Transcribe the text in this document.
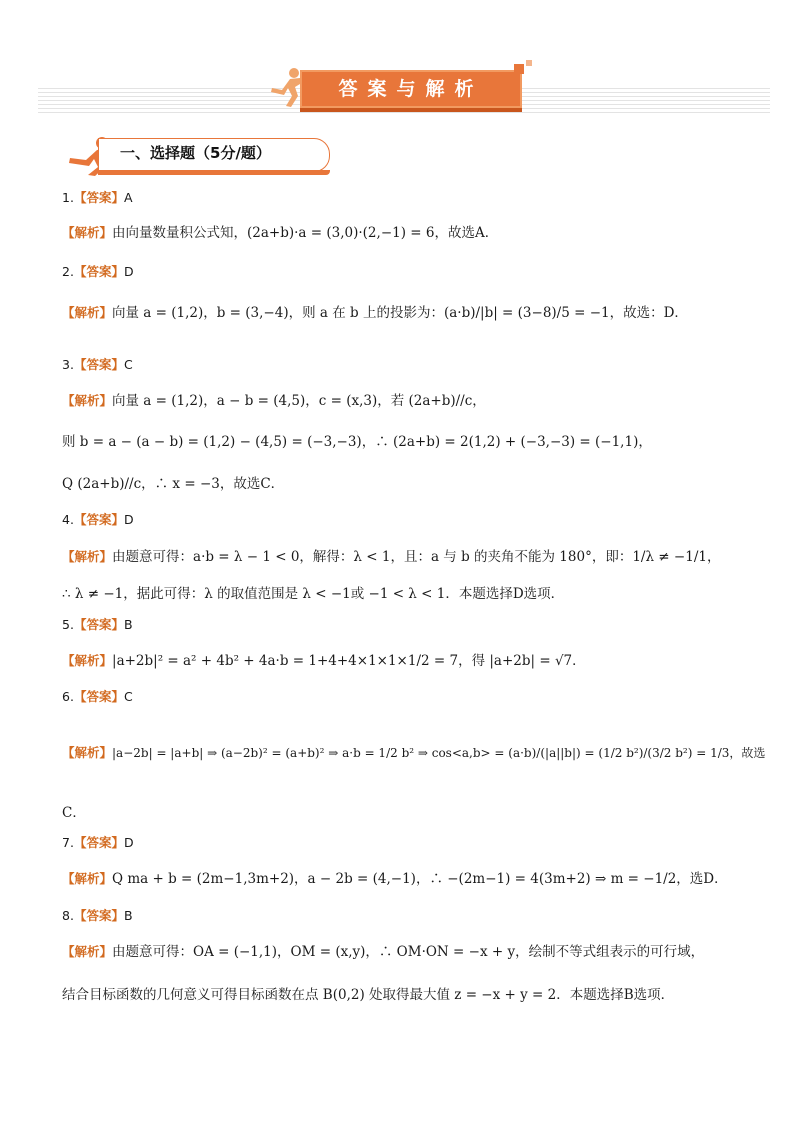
答案与解析
一、选择题（5分/题）
1.【答案】A
【解析】由向量数量积公式知，(2a+b)·a = (3,0)·(2,−1) = 6，故选A．
2.【答案】D
【解析】向量 a = (1,2)，b = (3,−4)，则 a 在 b 上的投影为：(a·b)/|b| = (3−8)/5 = −1，故选：D．
3.【答案】C
【解析】向量 a = (1,2)，a − b = (4,5)，c = (x,3)，若 (2a+b)//c，
则 b = a − (a − b) = (1,2) − (4,5) = (−3,−3)，∴ (2a+b) = 2(1,2) + (−3,−3) = (−1,1)，
Q (2a+b)//c，∴ x = −3，故选C．
4.【答案】D
【解析】由题意可得：a·b = λ − 1 < 0，解得：λ < 1，且：a 与 b 的夹角不能为 180°，即：1/λ ≠ −1/1，
∴ λ ≠ −1，据此可得：λ 的取值范围是 λ < −1或 −1 < λ < 1．本题选择D选项．
5.【答案】B
【解析】|a+2b|² = a² + 4b² + 4a·b = 1+4+4×1×1×1/2 = 7，得 |a+2b| = √7．
6.【答案】C
【解析】|a−2b| = |a+b| ⇒ (a−2b)² = (a+b)² ⇒ a·b = 1/2 b² ⇒ cos<a,b> = (a·b)/(|a||b|) = (1/2 b²)/(3/2 b²) = 1/3，故选
C．
7.【答案】D
【解析】Q ma + b = (2m−1,3m+2)，a − 2b = (4,−1)，∴ −(2m−1) = 4(3m+2) ⇒ m = −1/2，选D．
8.【答案】B
【解析】由题意可得：OA = (−1,1)，OM = (x,y)，∴ OM·ON = −x + y，绘制不等式组表示的可行域，
结合目标函数的几何意义可得目标函数在点 B(0,2) 处取得最大值 z = −x + y = 2．本题选择B选项．
